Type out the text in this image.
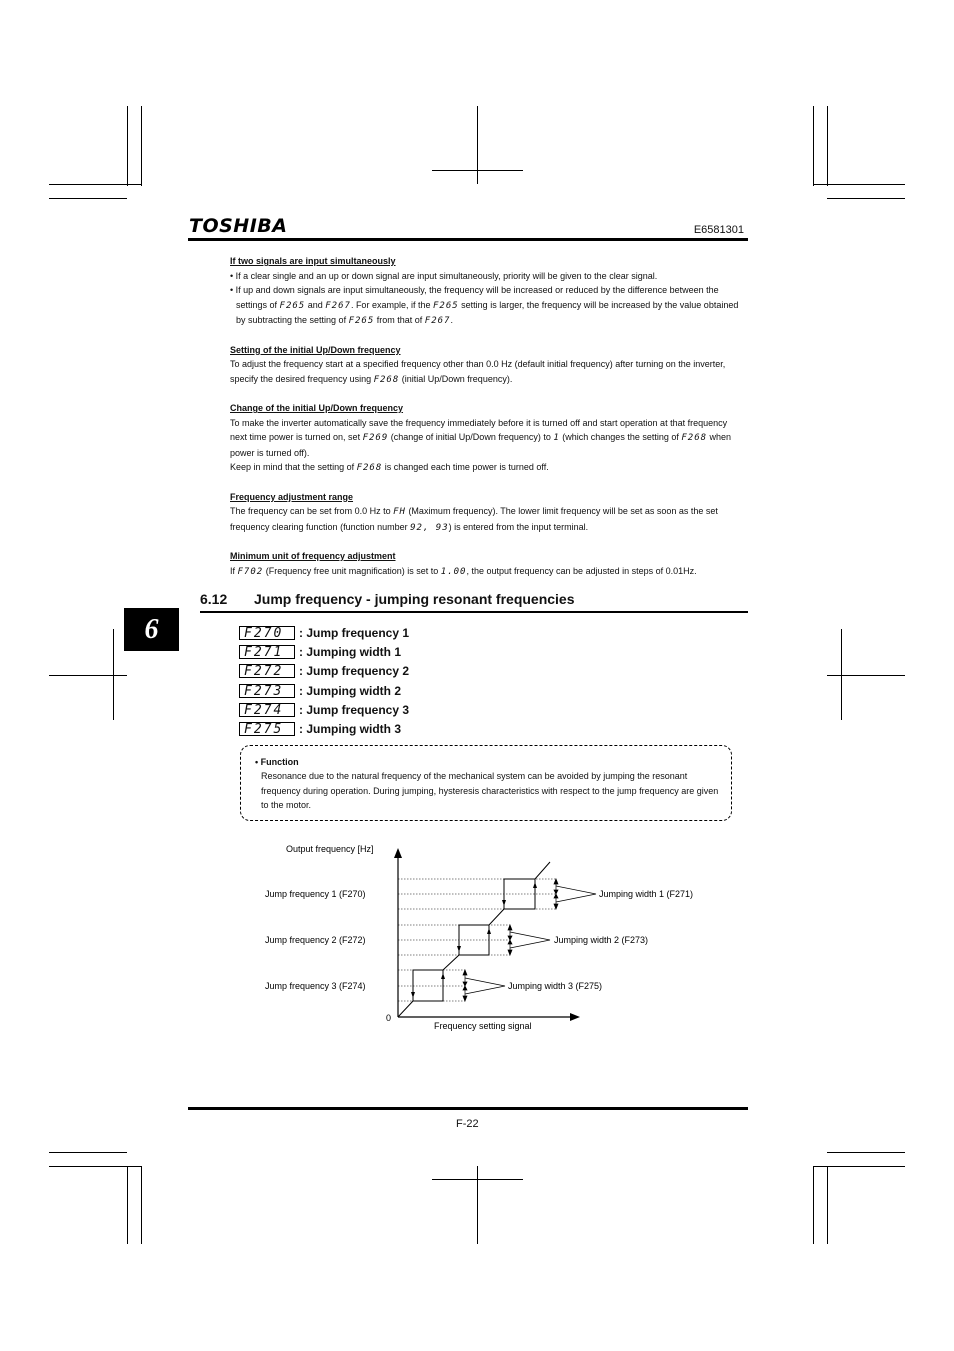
TOSHIBA	E6581301
If two signals are input simultaneously
• If a clear single and an up or down signal are input simultaneously, priority will be given to the clear signal.
• If up and down signals are input simultaneously, the frequency will be increased or reduced by the difference between the settings of F265 and F267. For example, if the F265 setting is larger, the frequency will be increased by the value obtained by subtracting the setting of F265 from that of F267.
Setting of the initial Up/Down frequency
To adjust the frequency start at a specified frequency other than 0.0 Hz (default initial frequency) after turning on the inverter, specify the desired frequency using F268 (initial Up/Down frequency).
Change of the initial Up/Down frequency
To make the inverter automatically save the frequency immediately before it is turned off and start operation at that frequency next time power is turned on, set F269 (change of initial Up/Down frequency) to 1 (which changes the setting of F268 when power is turned off).
Keep in mind that the setting of F268 is changed each time power is turned off.
Frequency adjustment range
The frequency can be set from 0.0 Hz to FH (Maximum frequency). The lower limit frequency will be set as soon as the set frequency clearing function (function number 92, 93) is entered from the input terminal.
Minimum unit of frequency adjustment
If F702 (Frequency free unit magnification) is set to 1.00, the output frequency can be adjusted in steps of 0.01Hz.
6.12 Jump frequency - jumping resonant frequencies
6	F270	: Jump frequency 1
F271	: Jumping width 1
F272	: Jump frequency 2
F273	: Jumping width 2
F274	: Jump frequency 3
F275	: Jumping width 3
• Function
Resonance due to the natural frequency of the mechanical system can be avoided by jumping the resonant frequency during operation. During jumping, hysteresis characteristics with respect to the jump frequency are given to the motor.
Output frequency [Hz]
Frequency setting signal
0
Jump frequency 1 (F270)
Jump frequency 2 (F272)
Jump frequency 3 (F274)
Jumping width 1 (F271)
Jumping width 2 (F273)
Jumping width 3 (F275)
F-22
